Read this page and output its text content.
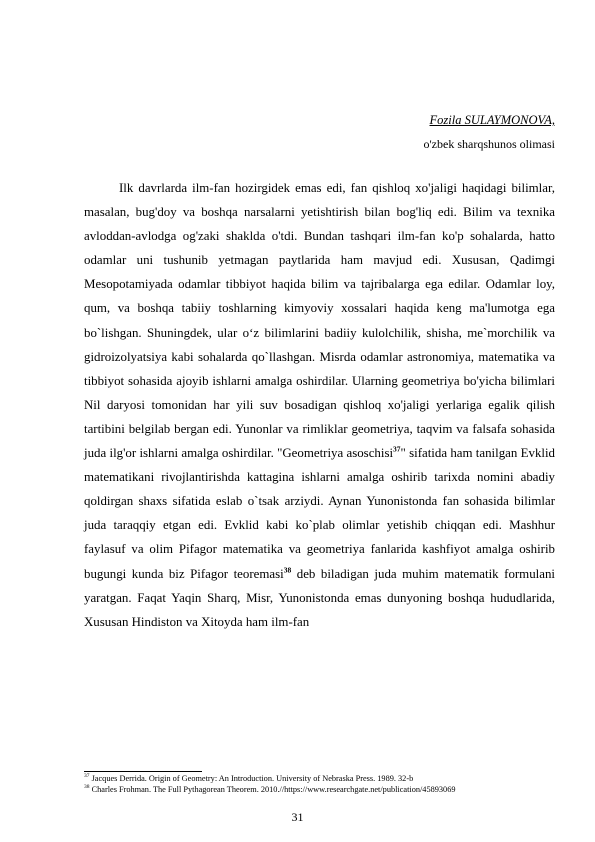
Fozila SULAYMONOVA,
o'zbek sharqshunos olimasi

Ilk davrlarda ilm-fan hozirgidek emas edi, fan qishloq xo'jaligi haqidagi bilimlar, masalan, bug'doy va boshqa narsalarni yetishtirish bilan bog'liq edi. Bilim va texnika avloddan-avlodga og'zaki shaklda o'tdi. Bundan tashqari ilm-fan ko'p sohalarda, hatto odamlar uni tushunib yetmagan paytlarida ham mavjud edi. Xususan, Qadimgi Mesopotamiyada odamlar tibbiyot haqida bilim va tajribalarga ega edilar. Odamlar loy, qum, va boshqa tabiiy toshlarning kimyoviy xossalari haqida keng ma'lumotga ega bo`lishgan. Shuningdek, ular o‘z bilimlarini badiiy kulolchilik, shisha, me`morchilik va gidroizolyatsiya kabi sohalarda qo`llashgan. Misrda odamlar astronomiya, matematika va tibbiyot sohasida ajoyib ishlarni amalga oshirdilar. Ularning geometriya bo'yicha bilimlari Nil daryosi tomonidan har yili suv bosadigan qishloq xo'jaligi yerlariga egalik qilish tartibini belgilab bergan edi. Yunonlar va rimliklar geometriya, taqvim va falsafa sohasida juda ilg'or ishlarni amalga oshirdilar. "Geometriya asoschisi$^{37}$" sifatida ham tanilgan Evklid matematikani rivojlantirishda kattagina ishlarni amalga oshirib tarixda nomini abadiy qoldirgan shaxs sifatida eslab o`tsak arziydi. Aynan Yunonistonda fan sohasida bilimlar juda taraqqiy etgan edi. Evklid kabi ko`plab olimlar yetishib chiqqan edi. Mashhur faylasuf va olim Pifagor matematika va geometriya fanlarida kashfiyot amalga oshirib bugungi kunda biz Pifagor teoremasi$^{38}$ deb biladigan juda muhim matematik formulani yaratgan. Faqat Yaqin Sharq, Misr, Yunonistonda emas dunyoning boshqa hududlarida, Xususan Hindiston va Xitoyda ham ilm-fan

$^{37}$ Jacques Derrida. Origin of Geometry: An Introduction. University of Nebraska Press. 1989. 32-b
$^{38}$ Charles Frohman. The Full Pythagorean Theorem. 2010.//https://www.researchgate.net/publication/45893069
31
